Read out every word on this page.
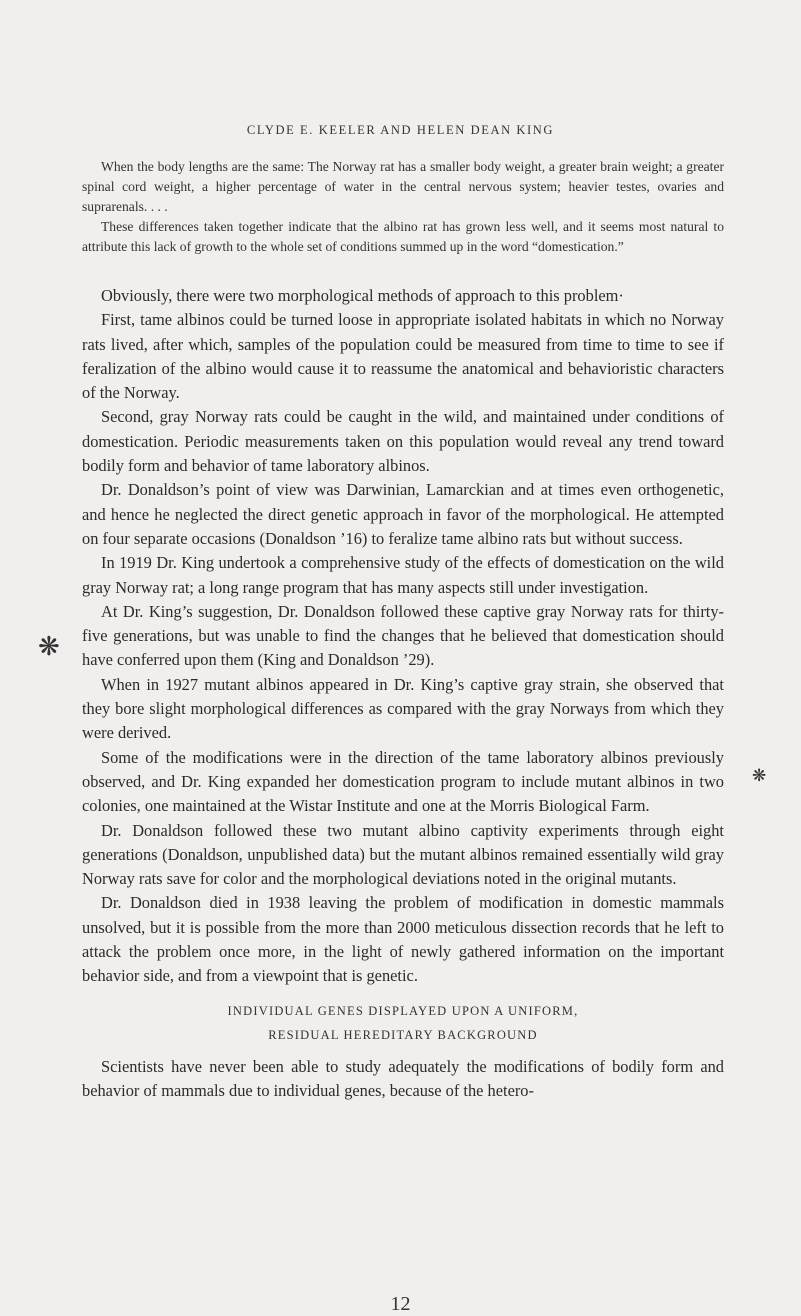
CLYDE E. KEELER AND HELEN DEAN KING

When the body lengths are the same: The Norway rat has a smaller body weight, a greater brain weight; a greater spinal cord weight, a higher percentage of water in the central nervous system; heavier testes, ovaries and suprarenals. . . .

These differences taken together indicate that the albino rat has grown less well, and it seems most natural to attribute this lack of growth to the whole set of conditions summed up in the word “domestication.”

Obviously, there were two morphological methods of approach to this problem·

First, tame albinos could be turned loose in appropriate isolated habitats in which no Norway rats lived, after which, samples of the population could be measured from time to time to see if feralization of the albino would cause it to reassume the anatomical and behavioristic characters of the Norway.

Second, gray Norway rats could be caught in the wild, and maintained under conditions of domestication. Periodic measurements taken on this population would reveal any trend toward bodily form and behavior of tame laboratory albinos.

Dr. Donaldson’s point of view was Darwinian, Lamarckian and at times even orthogenetic, and hence he neglected the direct genetic approach in favor of the morphological. He attempted on four separate occasions (Donaldson ’16) to feralize tame albino rats but without success.

In 1919 Dr. King undertook a comprehensive study of the effects of domestication on the wild gray Norway rat; a long range program that has many aspects still under investigation.

At Dr. King’s suggestion, Dr. Donaldson followed these captive gray Norway rats for thirty-five generations, but was unable to find the changes that he believed that domestication should have conferred upon them (King and Donaldson ’29).

When in 1927 mutant albinos appeared in Dr. King’s captive gray strain, she observed that they bore slight morphological differences as compared with the gray Norways from which they were derived.

Some of the modifications were in the direction of the tame laboratory albinos previously observed, and Dr. King expanded her domestication program to include mutant albinos in two colonies, one maintained at the Wistar Institute and one at the Morris Biological Farm.

Dr. Donaldson followed these two mutant albino captivity experiments through eight generations (Donaldson, unpublished data) but the mutant albinos remained essentially wild gray Norway rats save for color and the morphological deviations noted in the original mutants.

Dr. Donaldson died in 1938 leaving the problem of modification in domestic mammals unsolved, but it is possible from the more than 2000 meticulous dissection records that he left to attack the problem once more, in the light of newly gathered information on the important behavior side, and from a viewpoint that is genetic.

INDIVIDUAL GENES DISPLAYED UPON A UNIFORM,
RESIDUAL HEREDITARY BACKGROUND

Scientists have never been able to study adequately the modifications of bodily form and behavior of mammals due to individual genes, because of the hetero-

❋
❋
12
